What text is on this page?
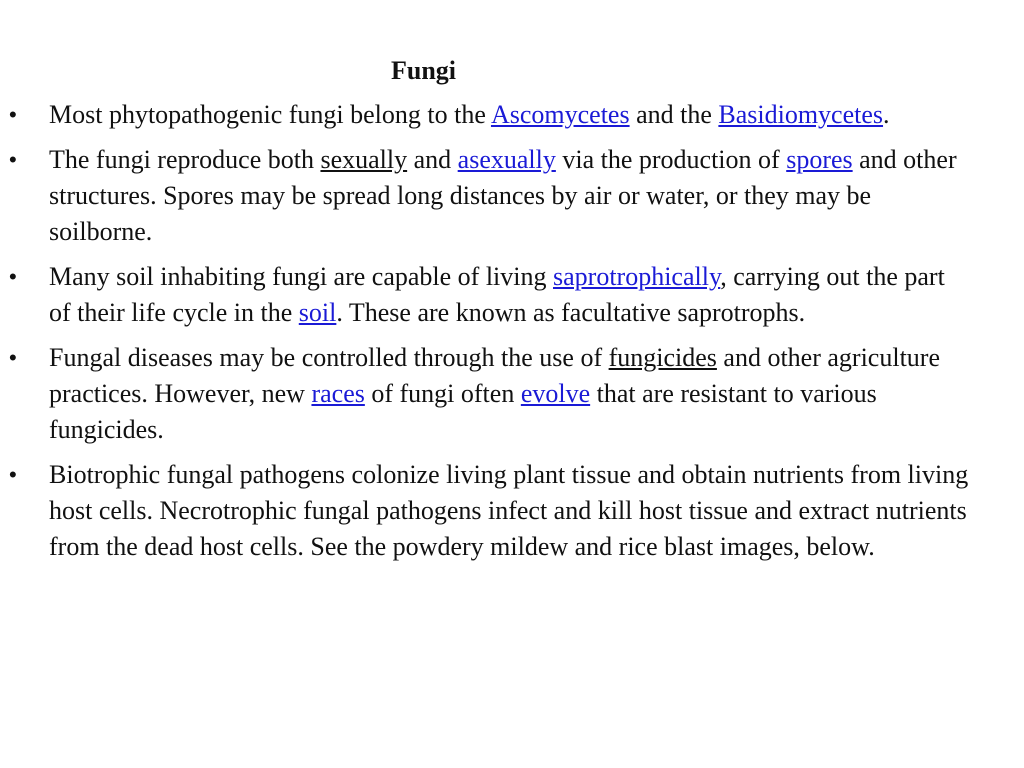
Fungi
• Most phytopathogenic fungi belong to the Ascomycetes and the Basidiomycetes.
• The fungi reproduce both sexually and asexually via the production of spores and other structures. Spores may be spread long distances by air or water, or they may be soilborne.
• Many soil inhabiting fungi are capable of living saprotrophically, carrying out the part of their life cycle in the soil. These are known as facultative saprotrophs.
• Fungal diseases may be controlled through the use of fungicides and other agriculture practices. However, new races of fungi often evolve that are resistant to various fungicides.
• Biotrophic fungal pathogens colonize living plant tissue and obtain nutrients from living host cells. Necrotrophic fungal pathogens infect and kill host tissue and extract nutrients from the dead host cells. See the powdery mildew and rice blast images, below.
